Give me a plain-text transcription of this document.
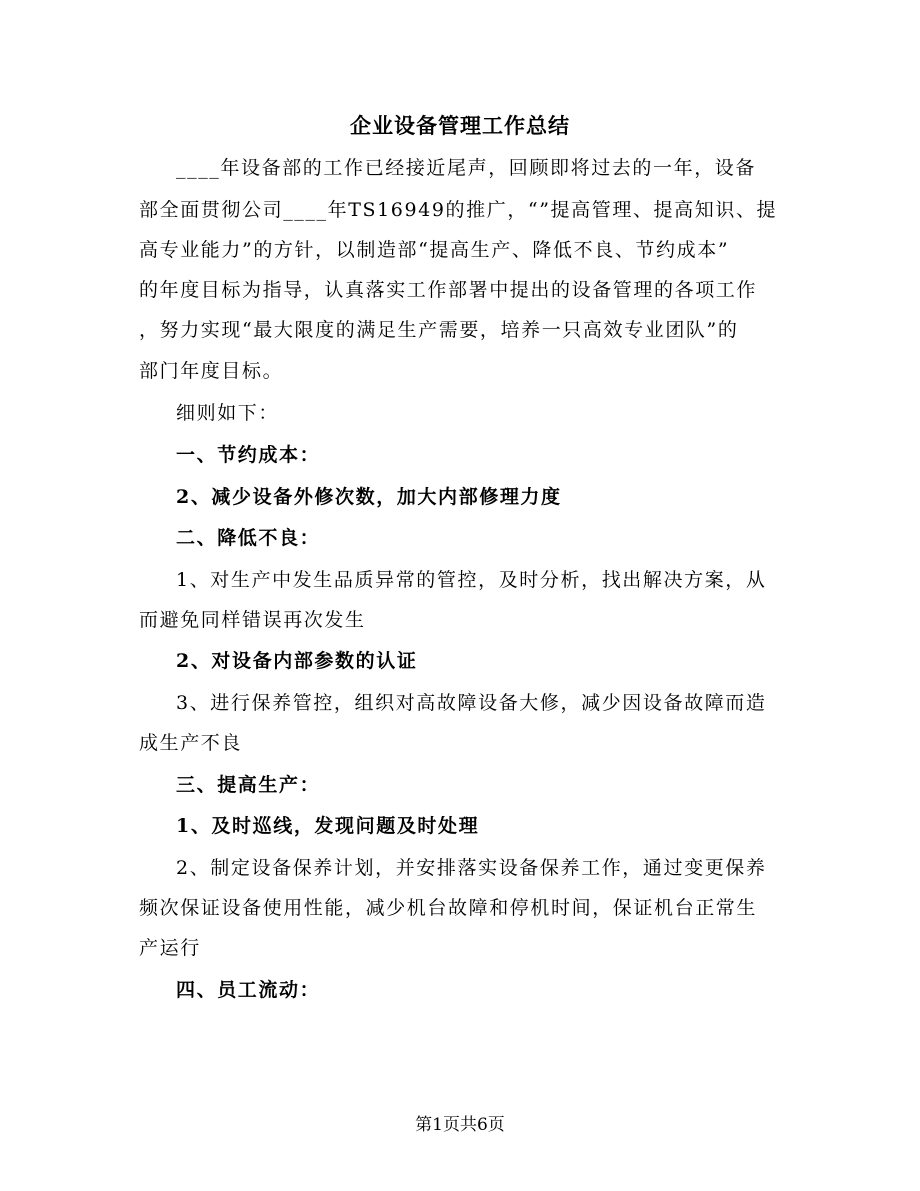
企业设备管理工作总结
____年设备部的工作已经接近尾声，回顾即将过去的一年，设备
部全面贯彻公司____年TS16949的推广，“”提高管理、提高知识、提
高专业能力”的方针，以制造部“提高生产、降低不良、节约成本”
的年度目标为指导，认真落实工作部署中提出的设备管理的各项工作
，努力实现“最大限度的满足生产需要，培养一只高效专业团队”的
部门年度目标。
细则如下：
一、节约成本：
2、减少设备外修次数，加大内部修理力度
二、降低不良：
1、对生产中发生品质异常的管控，及时分析，找出解决方案，从
而避免同样错误再次发生
2、对设备内部参数的认证
3、进行保养管控，组织对高故障设备大修，减少因设备故障而造
成生产不良
三、提高生产：
1、及时巡线，发现问题及时处理
2、制定设备保养计划，并安排落实设备保养工作，通过变更保养
频次保证设备使用性能，减少机台故障和停机时间，保证机台正常生
产运行
四、员工流动：
第1页共6页
